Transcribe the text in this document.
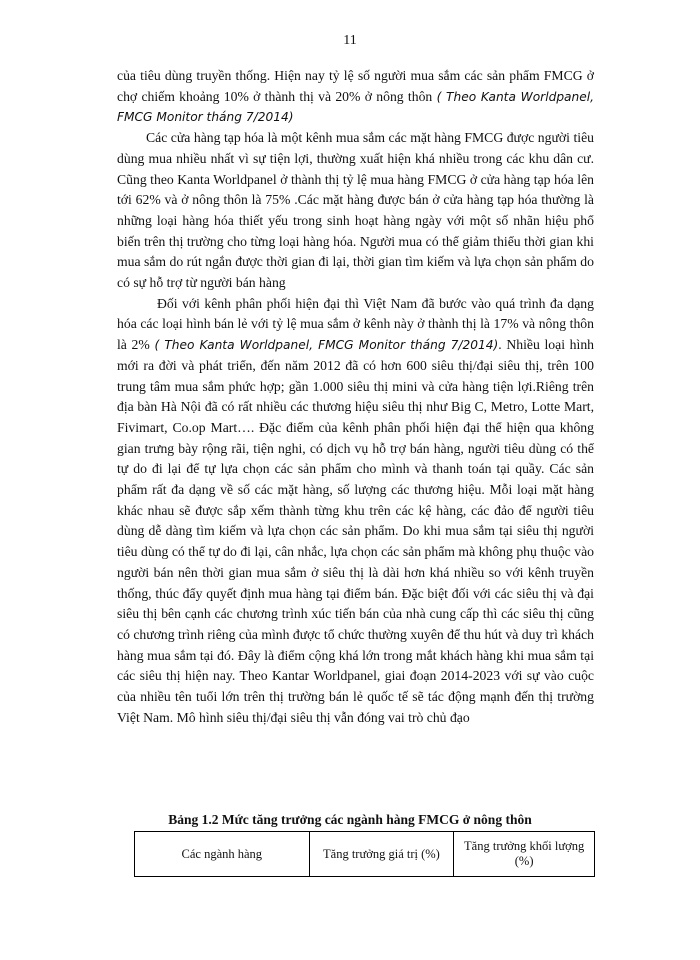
11

của tiêu dùng truyền thống. Hiện nay tỷ lệ số người mua sắm các sản phẩm FMCG ở chợ chiếm khoảng 10% ở thành thị và 20% ở nông thôn ( Theo Kanta Worldpanel, FMCG Monitor tháng 7/2014)

Các cửa hàng tạp hóa là một kênh mua sắm các mặt hàng FMCG được người tiêu dùng mua nhiều nhất vì sự tiện lợi, thường xuất hiện khá nhiều trong các khu dân cư. Cũng theo Kanta Worldpanel ở thành thị tỷ lệ mua hàng FMCG ở cửa hàng tạp hóa lên tới 62% và ở nông thôn là 75% .Các mặt hàng được bán ở cửa hàng tạp hóa thường là những loại hàng hóa thiết yếu trong sinh hoạt hàng ngày với một số nhãn hiệu phổ biến trên thị trường cho từng loại hàng hóa. Người mua có thể giảm thiểu thời gian khi mua sắm do rút ngắn được thời gian đi lại, thời gian tìm kiếm và lựa chọn sản phẩm do có sự hỗ trợ từ người bán hàng

Đối với kênh phân phối hiện đại thì Việt Nam đã bước vào quá trình đa dạng hóa các loại hình bán lẻ với tỷ lệ mua sắm ở kênh này ở thành thị là 17% và nông thôn là 2% ( Theo Kanta Worldpanel, FMCG Monitor tháng 7/2014). Nhiều loại hình mới ra đời và phát triển, đến năm 2012 đã có hơn 600 siêu thị/đại siêu thị, trên 100 trung tâm mua sắm phức hợp; gần 1.000 siêu thị mini và cửa hàng tiện lợi.Riêng trên địa bàn Hà Nội đã có rất nhiều các thương hiệu siêu thị như Big C, Metro, Lotte Mart, Fivimart, Co.op Mart…. Đặc điểm của kênh phân phối hiện đại thể hiện qua không gian trưng bày rộng rãi, tiện nghi, có dịch vụ hỗ trợ bán hàng, người tiêu dùng có thể tự do đi lại để tự lựa chọn các sản phẩm cho mình và thanh toán tại quầy. Các sản phẩm rất đa dạng về số các mặt hàng, số lượng các thương hiệu. Mỗi loại mặt hàng khác nhau sẽ được sắp xếm thành từng khu trên các kệ hàng, các đảo để người tiêu dùng dễ dàng tìm kiếm và lựa chọn các sản phẩm. Do khi mua sắm tại siêu thị người tiêu dùng có thể tự do đi lại, cân nhắc, lựa chọn các sản phẩm mà không phụ thuộc vào người bán nên thời gian mua sắm ở siêu thị là dài hơn khá nhiều so với kênh truyền thống, thúc đẩy quyết định mua hàng tại điểm bán. Đặc biệt đối với các siêu thị và đại siêu thị bên cạnh các chương trình xúc tiến bán của nhà cung cấp thì các siêu thị cũng có chương trình riêng của mình được tổ chức thường xuyên để thu hút và duy trì khách hàng mua sắm tại đó. Đây là điểm cộng khá lớn trong mắt khách hàng khi mua sắm tại các siêu thị hiện nay. Theo Kantar Worldpanel, giai đoạn 2014-2023 với sự vào cuộc của nhiều tên tuổi lớn trên thị trường bán lẻ quốc tế sẽ tác động mạnh đến thị trường Việt Nam. Mô hình siêu thị/đại siêu thị vẫn đóng vai trò chủ đạo

Bảng 1.2 Mức tăng trưởng các ngành hàng FMCG ở nông thôn
Các ngành hàng	Tăng trưởng giá trị (%)	Tăng trưởng khối lượng (%)
